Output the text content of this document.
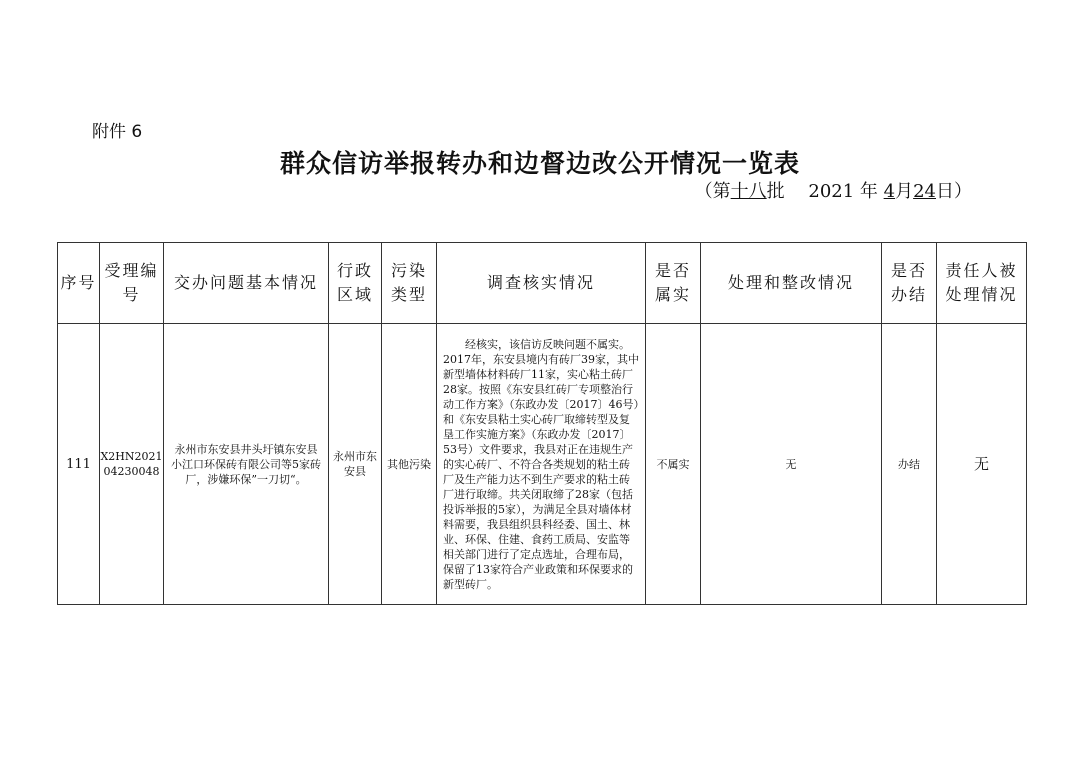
附件 6
群众信访举报转办和边督边改公开情况一览表
（第十八批　 2021 年 4月24日）
序号	受理编号	交办问题基本情况	行政区域	污染类型	调查核实情况	是否属实	处理和整改情况	是否办结	责任人被处理情况
111	X2HN2021 04230048	永州市东安县井头圩镇东安县小江口环保砖有限公司等5家砖厂，涉嫌环保”一刀切“。	永州市东安县	其他污染	经核实，该信访反映问题不属实。2017年，东安县境内有砖厂39家，其中新型墙体材料砖厂11家，实心粘土砖厂28家。按照《东安县红砖厂专项整治行动工作方案》（东政办发〔2017〕46号）和《东安县粘土实心砖厂取缔转型及复垦工作实施方案》（东政办发〔2017〕53号）文件要求，我县对正在违规生产的实心砖厂、不符合各类规划的粘土砖厂及生产能力达不到生产要求的粘土砖厂进行取缔。共关闭取缔了28家（包括投诉举报的5家），为满足全县对墙体材料需要，我县组织县科经委、国土、林业、环保、住建、食药工质局、安监等相关部门进行了定点选址，合理布局，保留了13家符合产业政策和环保要求的新型砖厂。	不属实	无	办结	无
